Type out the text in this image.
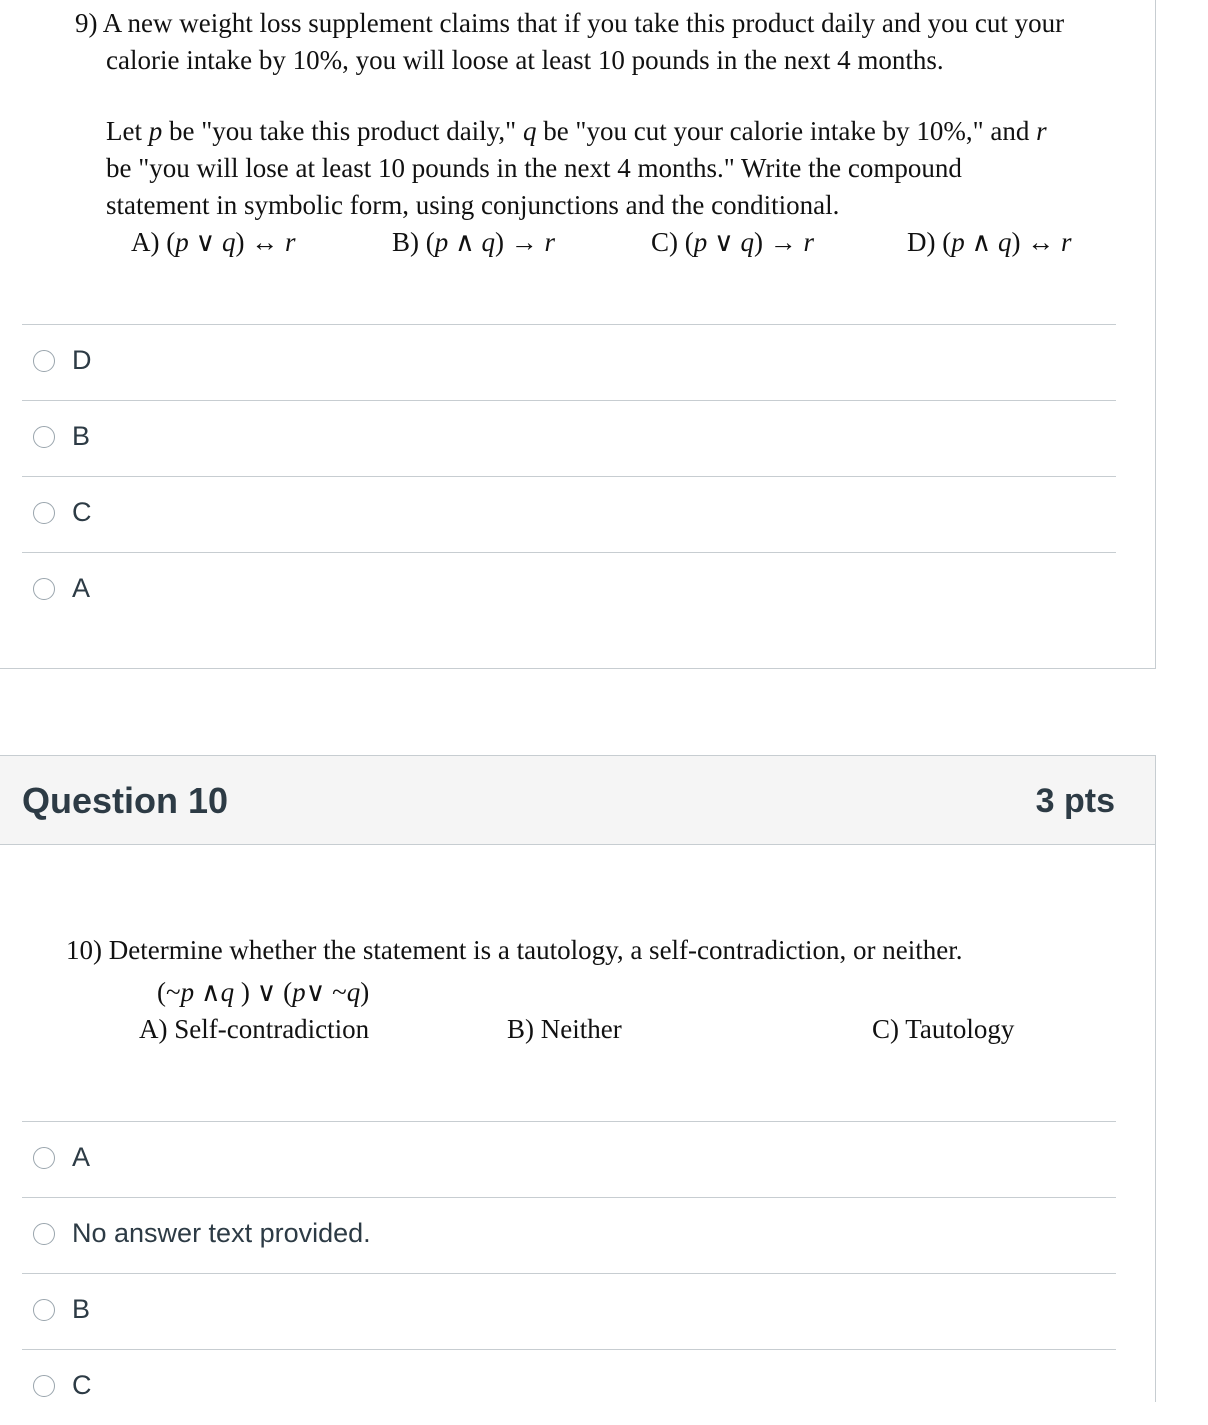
9) A new weight loss supplement claims that if you take this product daily and you cut your
calorie intake by 10%, you will loose at least 10 pounds in the next 4 months.
Let p be "you take this product daily," q be "you cut your calorie intake by 10%," and r
be "you will lose at least 10 pounds in the next 4 months." Write the compound
statement in symbolic form, using conjunctions and the conditional.
A) (p ∨ q) ↔ r	B) (p ∧ q) → r	C) (p ∨ q) → r	D) (p ∧ q) ↔ r
D
B
C
A
Question 10	3 pts
10) Determine whether the statement is a tautology, a self-contradiction, or neither.
(~p ∧q ) ∨ (p∨ ~q)
A) Self-contradiction	B) Neither	C) Tautology
A
No answer text provided.
B
C
